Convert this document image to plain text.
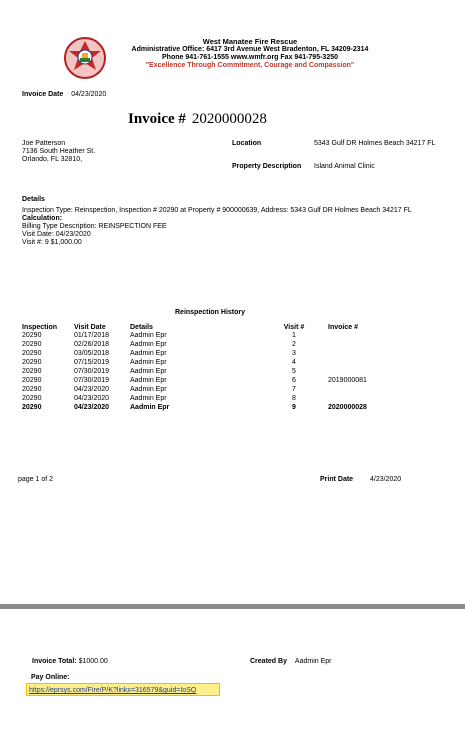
West Manatee Fire Rescue
Administrative Office: 6417 3rd Avenue West Bradenton, FL 34209-2314
Phone 941-761-1555 www.wmfr.org Fax 941-795-3250
"Excellence Through Commitment, Courage and Compassion"
Invoice Date 04/23/2020
Invoice # 2020000028
Joe Patterson
7136 South Heather St.
Orlando, FL 32810,
Location	5343 Gulf DR Holmes Beach 34217 FL
Property Description Island Animal Clinic
Details
Inspection Type: Reinspection, Inspection # 20290 at Property # 900000639, Address: 5343 Gulf DR Holmes Beach 34217 FL
Calculation:
Billing Type Description: REINSPECTION FEE
Visit Date: 04/23/2020
Visit #: 9 $1,000.00
Reinspection History
Inspection	Visit Date	Details	Visit #	Invoice #
20290	01/17/2018	Aadmin Epr	1	
20290	02/26/2018	Aadmin Epr	2	
20290	03/05/2018	Aadmin Epr	3	
20290	07/15/2019	Aadmin Epr	4	
20290	07/30/2019	Aadmin Epr	5	
20290	07/30/2019	Aadmin Epr	6	2019000081
20290	04/23/2020	Aadmin Epr	7	
20290	04/23/2020	Aadmin Epr	8	
20290	04/23/2020	Aadmin Epr	9	2020000028
page 1 of 2	Print Date 4/23/2020
Invoice Total: $1000.00	Created By Aadmin Epr
Pay Online:
https://eprsys.com/Fire/P/K?linkx=316579&guid=IoSQ
